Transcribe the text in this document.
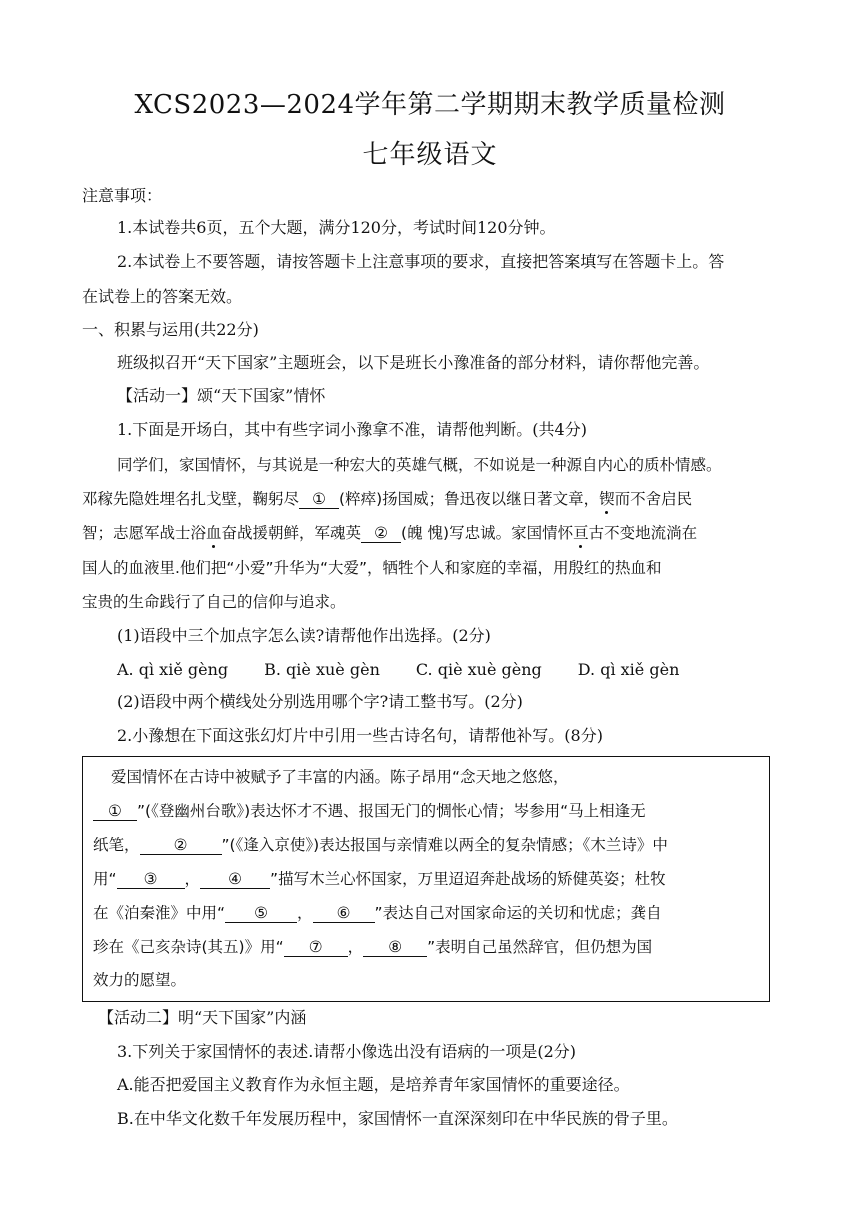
XCS2023—2024学年第二学期期末教学质量检测
七年级语文
注意事项：
1.本试卷共6页，五个大题，满分120分，考试时间120分钟。
2.本试卷上不要答题，请按答题卡上注意事项的要求，直接把答案填写在答题卡上。答
在试卷上的答案无效。
一、积累与运用(共22分)
班级拟召开“天下国家”主题班会，以下是班长小豫准备的部分材料，请你帮他完善。
【活动一】颂“天下国家”情怀
1.下面是开场白，其中有些字词小豫拿不准，请帮他判断。(共4分)
同学们，家国情怀，与其说是一种宏大的英雄气概，不如说是一种源自内心的质朴情感。
邓稼先隐姓埋名扎戈壁，鞠躬尽 ① (粹瘁)扬国威；鲁迅夜以继日著文章，锲而不舍启民
智；志愿军战士浴血奋战援朝鲜，军魂英 ② (魄 愧)写忠诚。家国情怀亘古不变地流淌在
国人的血液里.他们把“小爱”升华为“大爱”，牺牲个人和家庭的幸福，用殷红的热血和
宝贵的生命践行了自己的信仰与追求。
(1)语段中三个加点字怎么读?请帮他作出选择。(2分)
A. qì xiě gèng B. qiè xuè gèn C. qiè xuè gèng D. qì xiě gèn
(2)语段中两个横线处分别选用哪个字?请工整书写。(2分)
2.小豫想在下面这张幻灯片中引用一些古诗名句，请帮他补写。(8分)
爱国情怀在古诗中被赋予了丰富的内涵。陈子昂用“念天地之悠悠，
① ”(《登幽州台歌》)表达怀才不遇、报国无门的惆怅心情；岑参用“马上相逢无
纸笔， ② ”(《逢入京使》)表达报国与亲情难以两全的复杂情感；《木兰诗》中
用“ ③ ， ④ ”描写木兰心怀国家，万里迢迢奔赴战场的矫健英姿；杜牧
在《泊秦淮》中用“ ⑤ ， ⑥ ”表达自己对国家命运的关切和忧虑；龚自
珍在《己亥杂诗(其五)》用“ ⑦ ， ⑧ ”表明自己虽然辞官，但仍想为国
效力的愿望。
【活动二】明“天下国家”内涵
3.下列关于家国情怀的表述.请帮小像选出没有语病的一项是(2分)
A.能否把爱国主义教育作为永恒主题，是培养青年家国情怀的重要途径。
B.在中华文化数千年发展历程中，家国情怀一直深深刻印在中华民族的骨子里。
